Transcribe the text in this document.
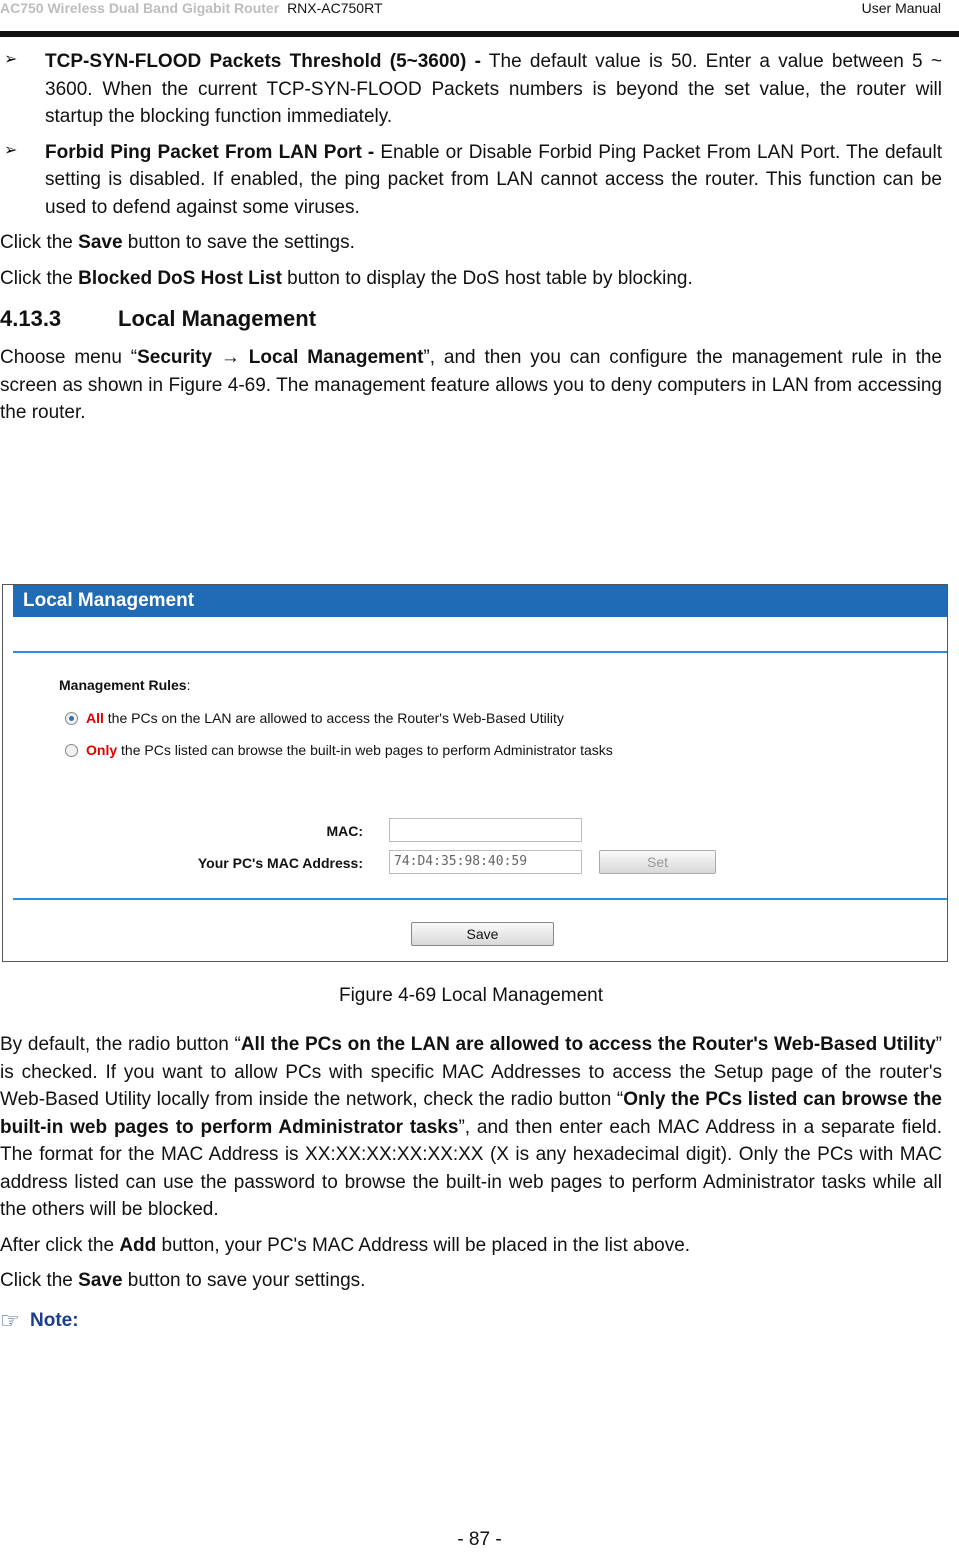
AC750 Wireless Dual Band Gigabit Router RNX-AC750RT	User Manual
➢ TCP-SYN-FLOOD Packets Threshold (5~3600) - The default value is 50. Enter a value between 5 ~ 3600. When the current TCP-SYN-FLOOD Packets numbers is beyond the set value, the router will startup the blocking function immediately.
➢ Forbid Ping Packet From LAN Port - Enable or Disable Forbid Ping Packet From LAN Port. The default setting is disabled. If enabled, the ping packet from LAN cannot access the router. This function can be used to defend against some viruses.

Click the Save button to save the settings.

Click the Blocked DoS Host List button to display the DoS host table by blocking.

4.13.3	Local Management

Choose menu “Security → Local Management”, and then you can configure the management rule in the screen as shown in Figure 4-69. The management feature allows you to deny computers in LAN from accessing the router.

Local Management
Management Rules:
All the PCs on the LAN are allowed to access the Router's Web-Based Utility
Only the PCs listed can browse the built-in web pages to perform Administrator tasks
MAC:
Your PC's MAC Address:	74:D4:35:98:40:59	Set
Save
Figure 4-69 Local Management

By default, the radio button “All the PCs on the LAN are allowed to access the Router's Web-Based Utility” is checked. If you want to allow PCs with specific MAC Addresses to access the Setup page of the router's Web-Based Utility locally from inside the network, check the radio button “Only the PCs listed can browse the built-in web pages to perform Administrator tasks”, and then enter each MAC Address in a separate field. The format for the MAC Address is XX:XX:XX:XX:XX:XX (X is any hexadecimal digit). Only the PCs with MAC address listed can use the password to browse the built-in web pages to perform Administrator tasks while all the others will be blocked.

After click the Add button, your PC's MAC Address will be placed in the list above.

Click the Save button to save your settings.

☞ Note:
- 87 -
